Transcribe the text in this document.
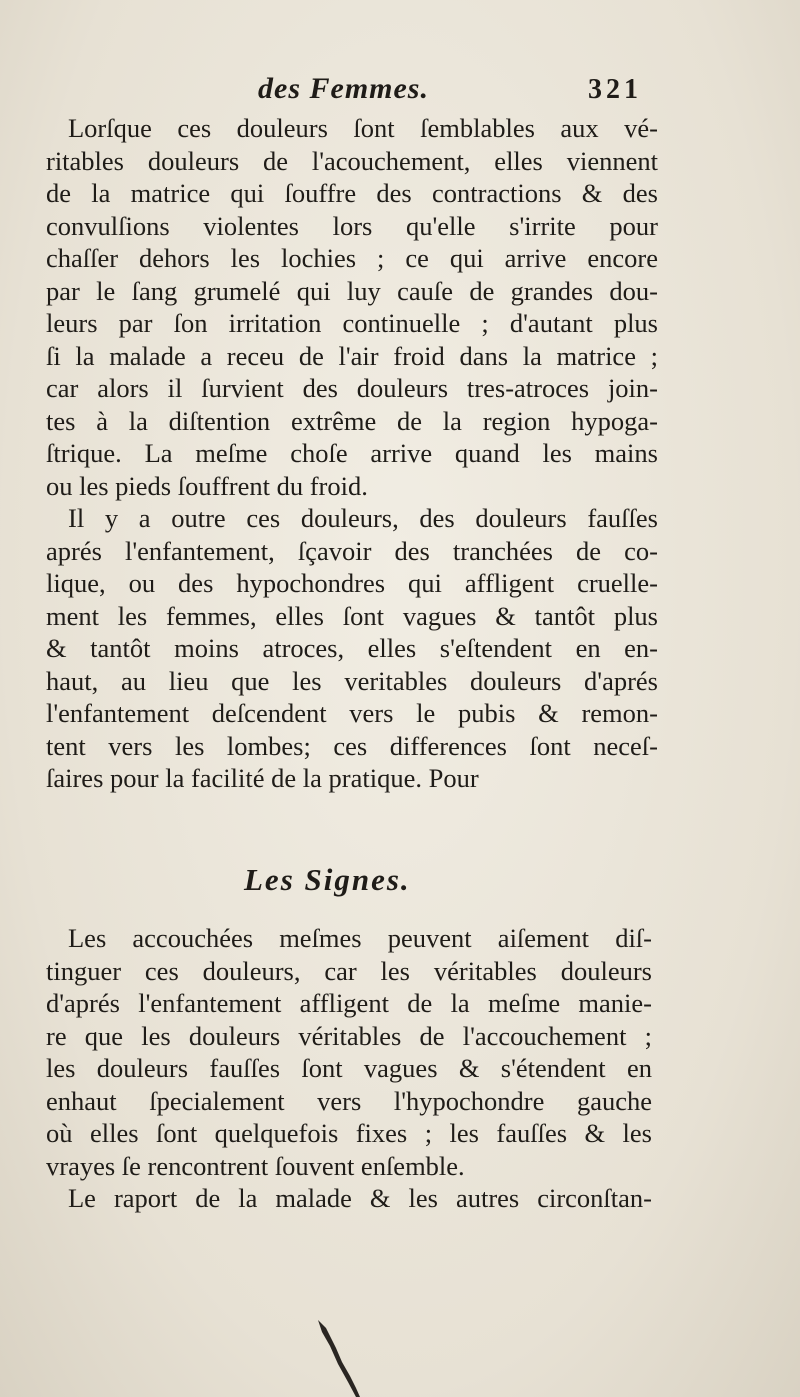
des Femmes.	321
Lorſque ces douleurs ſont ſemblables aux vé-
ritables douleurs de l'acouchement, elles viennent
de la matrice qui ſouffre des contractions & des
convulſions violentes lors qu'elle s'irrite pour
chaſſer dehors les lochies ; ce qui arrive encore
par le ſang grumelé qui luy cauſe de grandes dou-
leurs par ſon irritation continuelle ; d'autant plus
ſi la malade a receu de l'air froid dans la matrice ;
car alors il ſurvient des douleurs tres-atroces join-
tes à la diſtention extrême de la region hypoga-
ſtrique. La meſme choſe arrive quand les mains
ou les pieds ſouffrent du froid.
Il y a outre ces douleurs, des douleurs fauſſes
aprés l'enfantement, ſçavoir des tranchées de co-
lique, ou des hypochondres qui affligent cruelle-
ment les femmes, elles ſont vagues & tantôt plus
& tantôt moins atroces, elles s'eſtendent en en-
haut, au lieu que les veritables douleurs d'aprés
l'enfantement deſcendent vers le pubis & remon-
tent vers les lombes; ces differences ſont neceſ-
ſaires pour la facilité de la pratique. Pour
Les Signes.
Les accouchées meſmes peuvent aiſement diſ-
tinguer ces douleurs, car les véritables douleurs
d'aprés l'enfantement affligent de la meſme manie-
re que les douleurs véritables de l'accouchement ;
les douleurs fauſſes ſont vagues & s'étendent en
enhaut ſpecialement vers l'hypochondre gauche
où elles ſont quelquefois fixes ; les fauſſes & les
vrayes ſe rencontrent ſouvent enſemble.
Le raport de la malade & les autres circonſtan-
